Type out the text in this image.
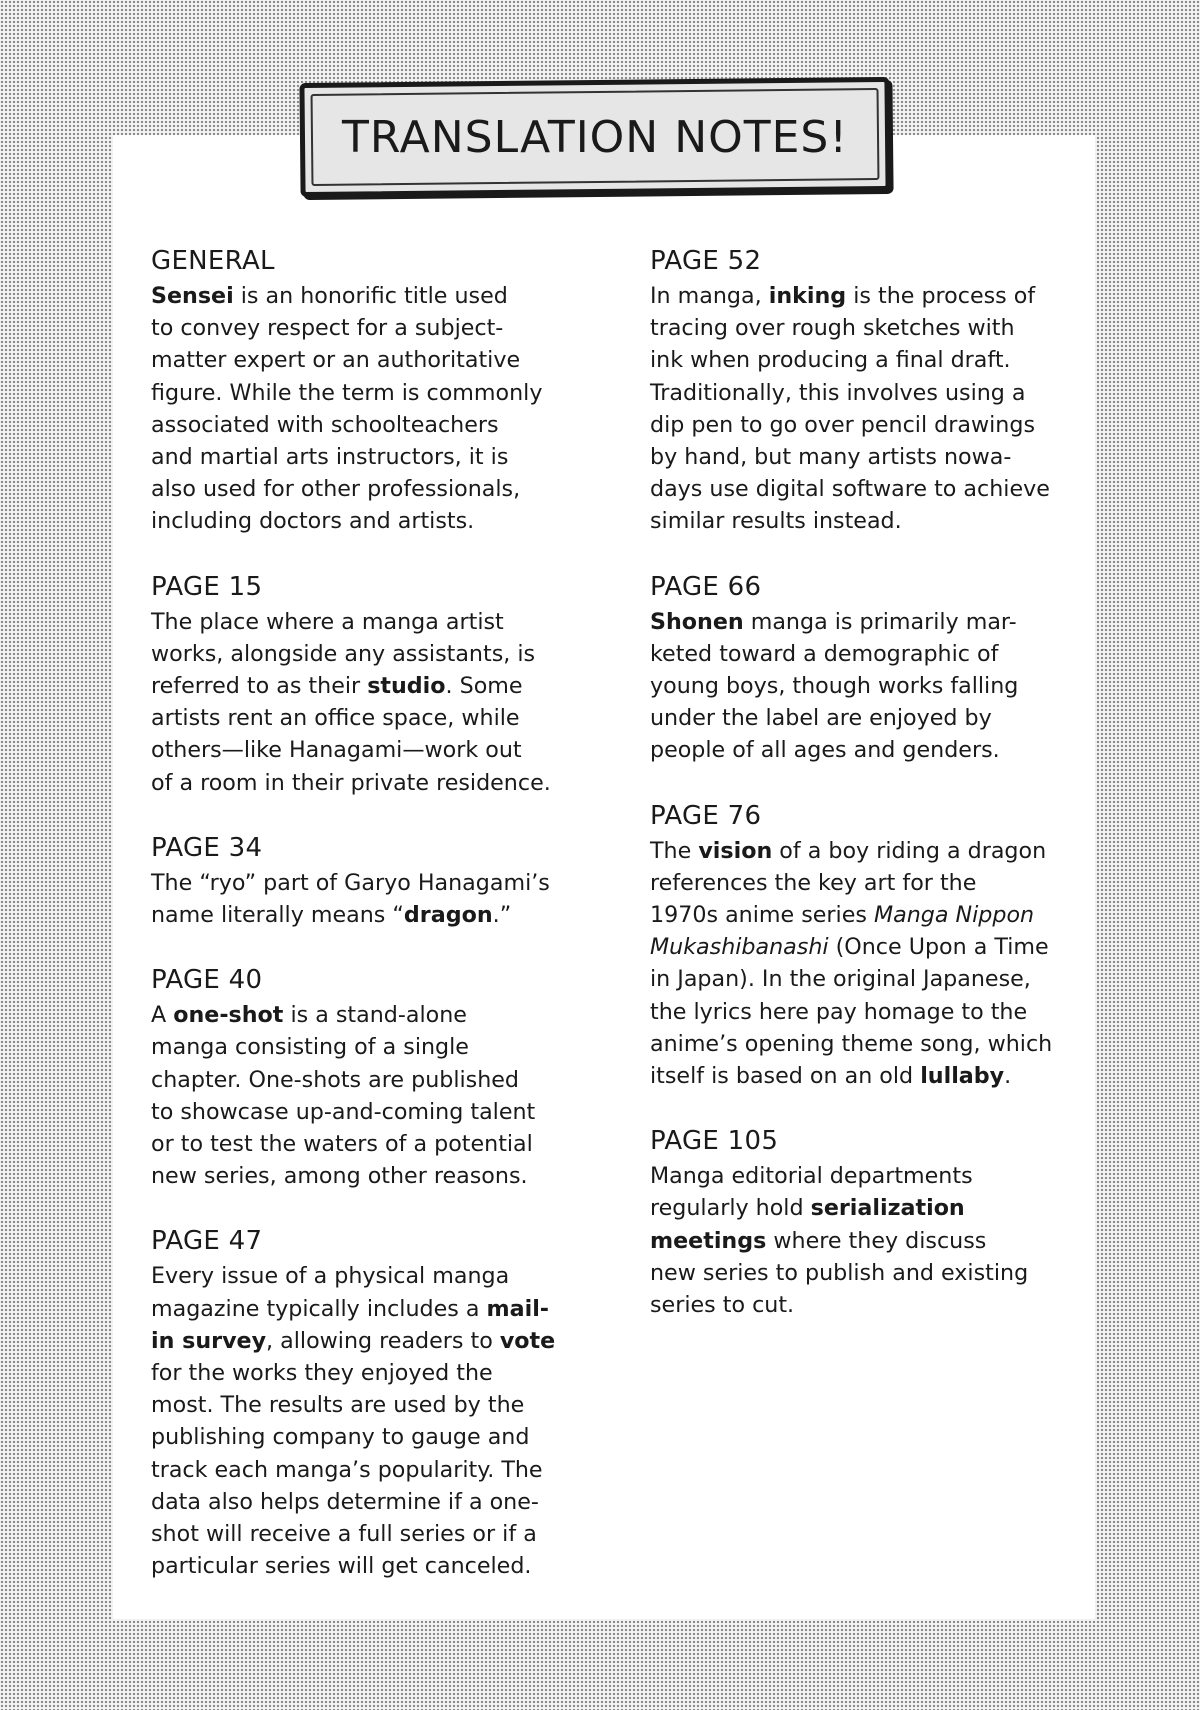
TRANSLATION NOTES!
GENERAL
Sensei is an honorific title used
to convey respect for a subject-
matter expert or an authoritative
figure. While the term is commonly
associated with schoolteachers
and martial arts instructors, it is
also used for other professionals,
including doctors and artists.
PAGE 15
The place where a manga artist
works, alongside any assistants, is
referred to as their studio. Some
artists rent an office space, while
others—like Hanagami—work out
of a room in their private residence.
PAGE 34
The “ryo” part of Garyo Hanagami’s
name literally means “dragon.”
PAGE 40
A one-shot is a stand-alone
manga consisting of a single
chapter. One-shots are published
to showcase up-and-coming talent
or to test the waters of a potential
new series, among other reasons.
PAGE 47
Every issue of a physical manga
magazine typically includes a mail-
in survey, allowing readers to vote
for the works they enjoyed the
most. The results are used by the
publishing company to gauge and
track each manga’s popularity. The
data also helps determine if a one-
shot will receive a full series or if a
particular series will get canceled.
PAGE 52
In manga, inking is the process of
tracing over rough sketches with
ink when producing a final draft.
Traditionally, this involves using a
dip pen to go over pencil drawings
by hand, but many artists nowa-
days use digital software to achieve
similar results instead.
PAGE 66
Shonen manga is primarily mar-
keted toward a demographic of
young boys, though works falling
under the label are enjoyed by
people of all ages and genders.
PAGE 76
The vision of a boy riding a dragon
references the key art for the
1970s anime series Manga Nippon
Mukashibanashi (Once Upon a Time
in Japan). In the original Japanese,
the lyrics here pay homage to the
anime’s opening theme song, which
itself is based on an old lullaby.
PAGE 105
Manga editorial departments
regularly hold serialization
meetings where they discuss
new series to publish and existing
series to cut.
